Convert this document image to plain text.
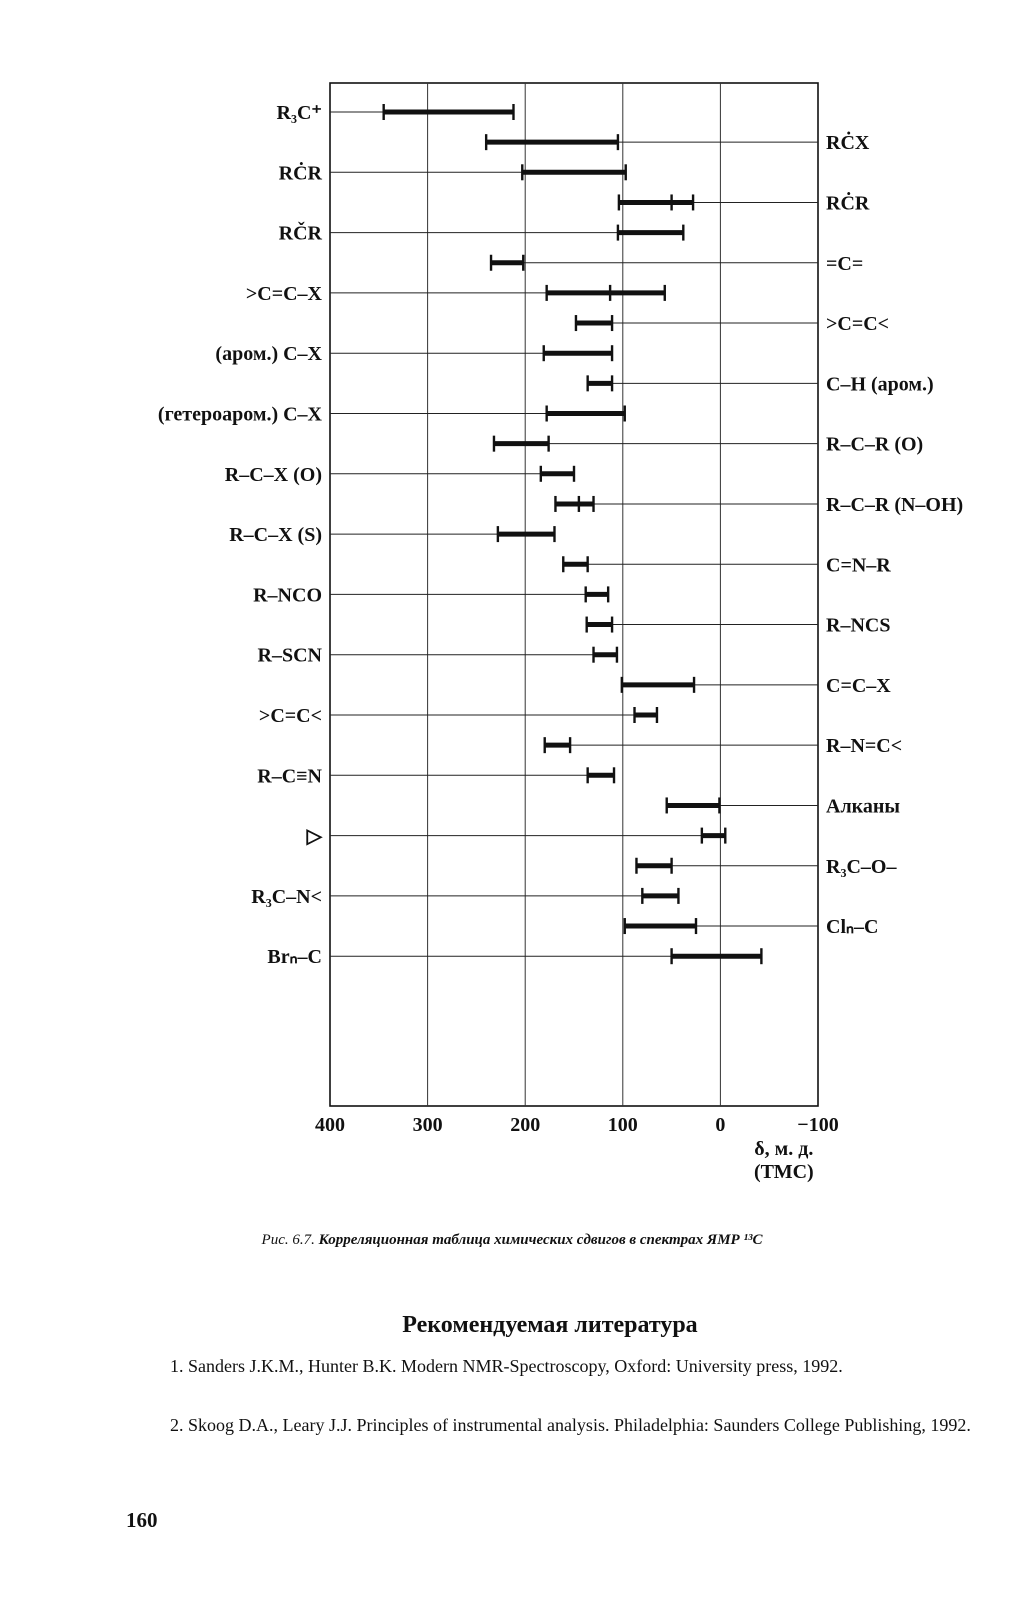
R₃C⁺
RĊX
RĊR
RĊR
RČR
=C=
>C=C–X
>C=C<
(аром.) C–X
C–H (аром.)
(гетероаром.) C–X
R–C–R (O)
R–C–X (O)
R–C–R (N–OH)
R–C–X (S)
C=N–R
R–NCO
R–NCS
R–SCN
C=C–X
>C=C<
R–N=C<
R–C≡N
Алканы
▷
R₃C–O–
R₃C–N<
Clₙ–C
Brₙ–C
400	300	200	100	0	−100
δ, м. д.
(ТМС)
Рис. 6.7. Корреляционная таблица химических сдвигов в спектрах ЯМР ¹³С
Рекомендуемая литература

1. Sanders J.K.M., Hunter B.K. Modern NMR-Spectroscopy, Oxford: University press, 1992.

2. Skoog D.A., Leary J.J. Principles of instrumental analysis. Philadelphia: Saunders College Publishing, 1992.

160
